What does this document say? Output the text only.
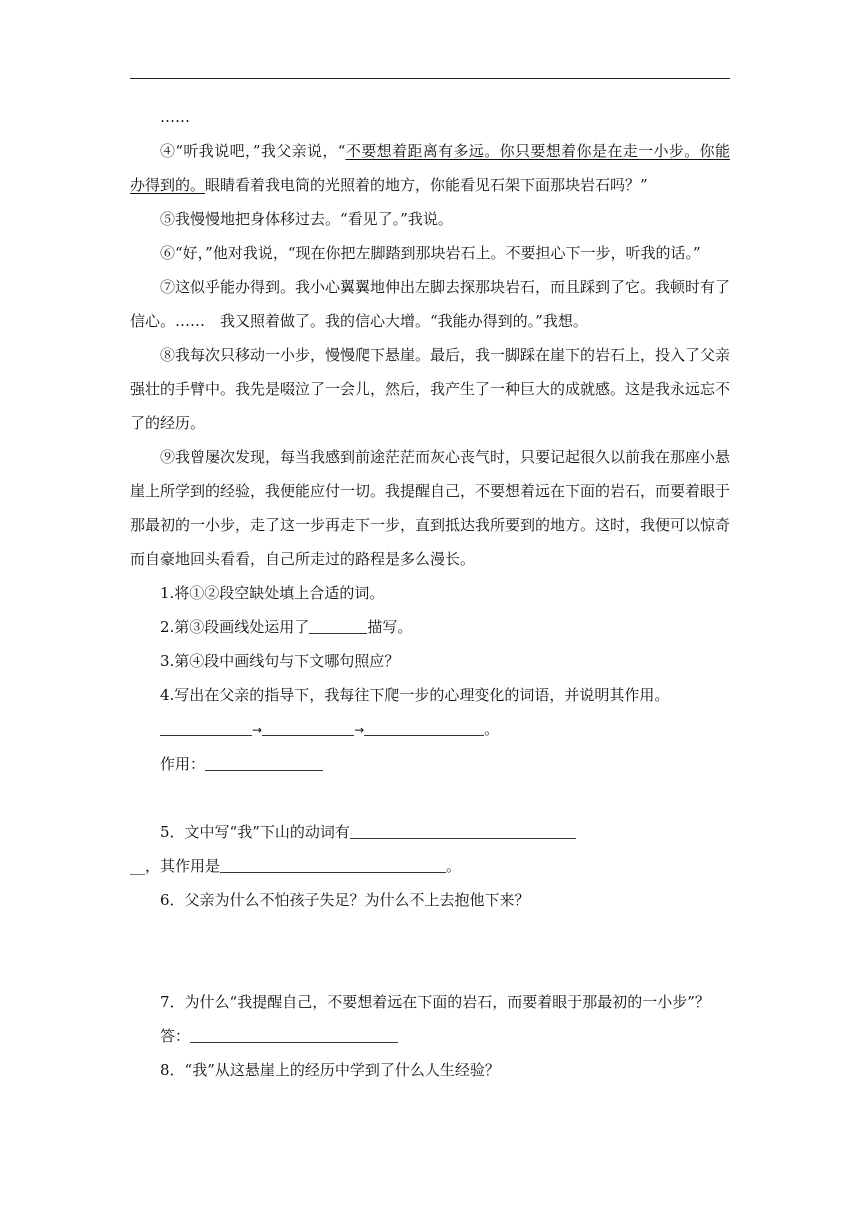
……

④“听我说吧，”我父亲说，“不要想着距离有多远。你只要想着你是在走一小步。你能办得到的。眼睛看着我电筒的光照着的地方，你能看见石架下面那块岩石吗？”

⑤我慢慢地把身体移过去。“看见了。”我说。

⑥“好，”他对我说，“现在你把左脚踏到那块岩石上。不要担心下一步，听我的话。”

⑦这似乎能办得到。我小心翼翼地伸出左脚去探那块岩石，而且踩到了它。我顿时有了信心。……　我又照着做了。我的信心大增。“我能办得到的。”我想。

⑧我每次只移动一小步，慢慢爬下悬崖。最后，我一脚踩在崖下的岩石上，投入了父亲强壮的手臂中。我先是啜泣了一会儿，然后，我产生了一种巨大的成就感。这是我永远忘不了的经历。

⑨我曾屡次发现，每当我感到前途茫茫而灰心丧气时，只要记起很久以前我在那座小悬崖上所学到的经验，我便能应付一切。我提醒自己，不要想着远在下面的岩石，而要着眼于那最初的一小步，走了这一步再走下一步，直到抵达我所要到的地方。这时，我便可以惊奇而自豪地回头看看，自己所走过的路程是多么漫长。

1.将①②段空缺处填上合适的词。
2.第③段画线处运用了	描写。
3.第④段中画线句与下文哪句照应？
4.写出在父亲的指导下，我每往下爬一步的心理变化的词语，并说明其作用。
→	→	。
作用：
5．文中写“我”下山的动词有
__，其作用是	。
6．父亲为什么不怕孩子失足？为什么不上去抱他下来？
7．为什么“我提醒自己，不要想着远在下面的岩石，而要着眼于那最初的一小步”？
答：
8．“我”从这悬崖上的经历中学到了什么人生经验？
